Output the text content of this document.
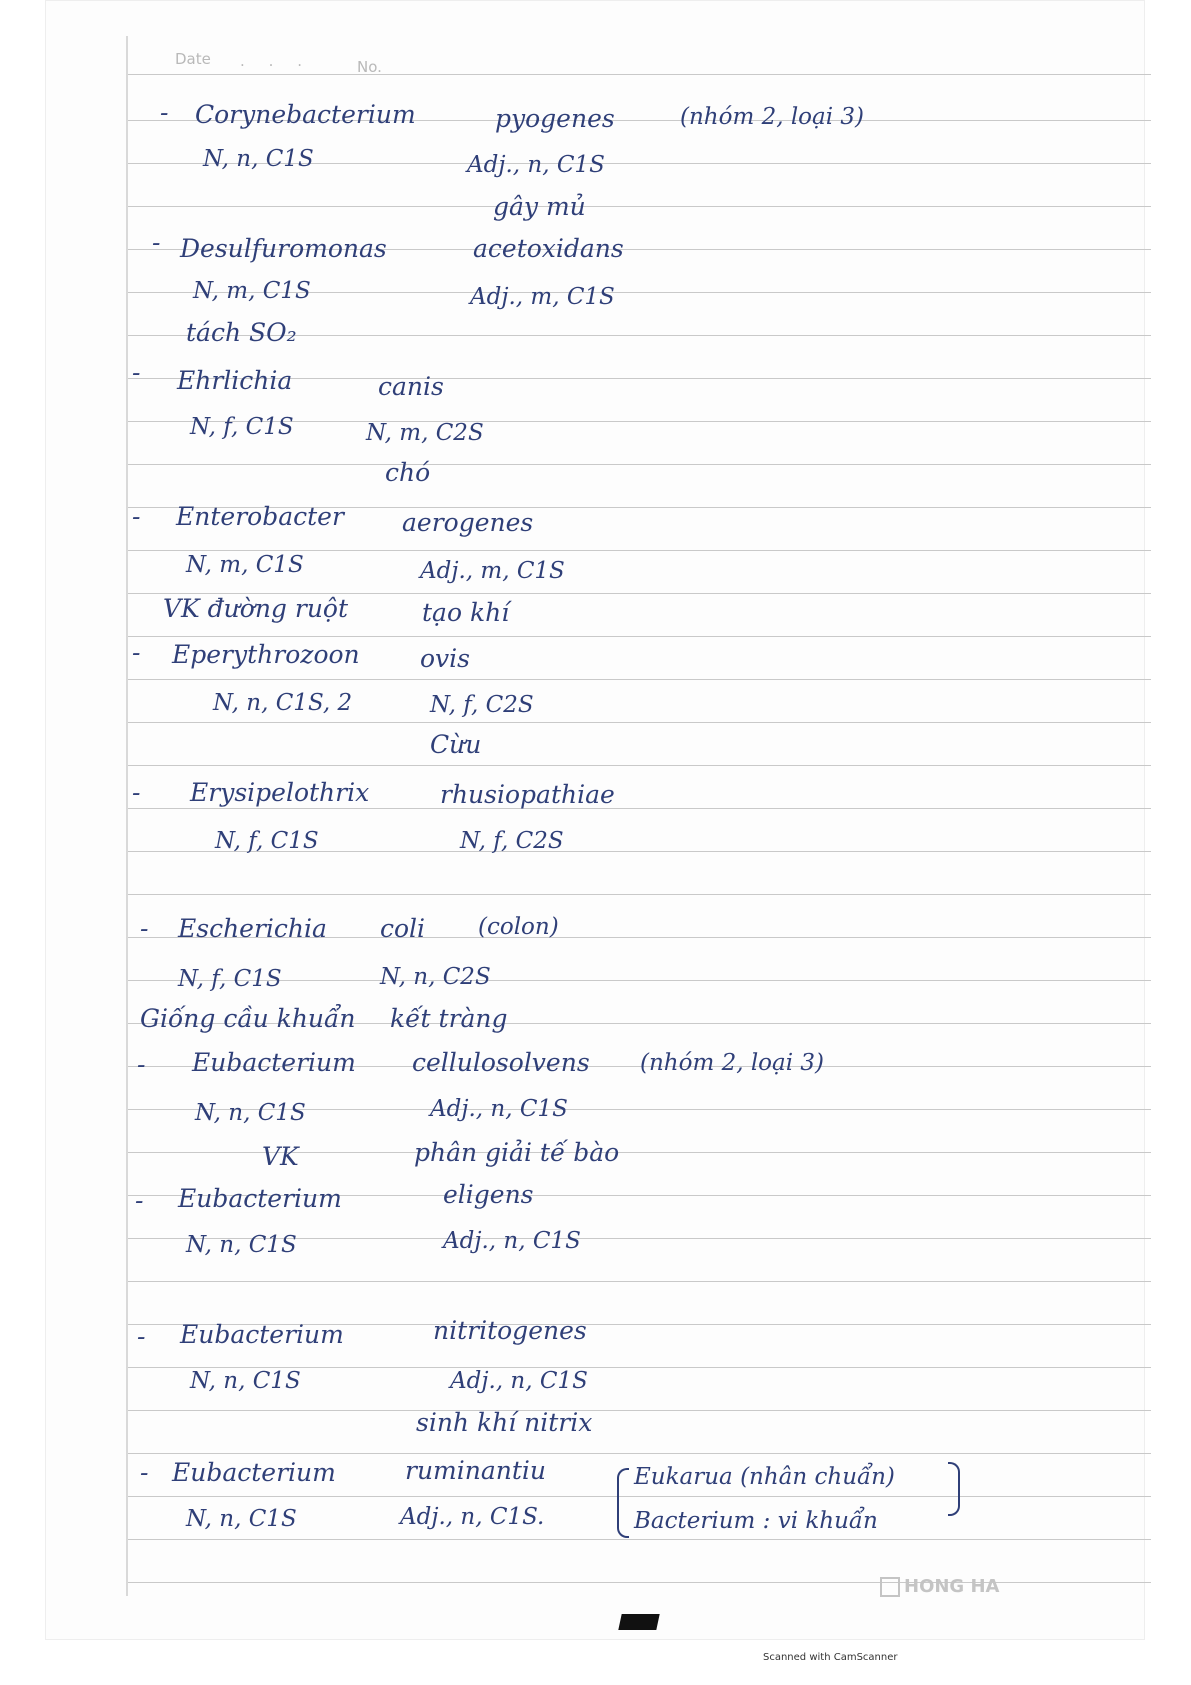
Date .     .     .	No.
- Corynebacterium	pyogenes	(nhóm 2, loại 3)
N, n, C1S	Adj., n, C1S
gây mủ
- Desulfuromonas	acetoxidans
N, m, C1S	Adj., m, C1S
tách SO₂
- Ehrlichia	canis
N, f, C1S	N, m, C2S
chó
- Enterobacter aerogenes
N, m, C1S	Adj., m, C1S
VK đường ruột	tạo khí
- Eperythrozoon ovis
N, n, C1S, 2	N, f, C2S
Cừu
- Erysipelothrix	rhusiopathiae
N, f, C1S	N, f, C2S
- Escherichia coli (colon)
N, f, C1S	N, n, C2S
Giống cầu khuẩn kết tràng
- Eubacterium cellulosolvens (nhóm 2, loại 3)
N, n, C1S	Adj., n, C1S
VK	phân giải tế bào
- Eubacterium	eligens
N, n, C1S	Adj., n, C1S
- Eubacterium	nitritogenes
N, n, C1S	Adj., n, C1S
sinh khí nitrix
- Eubacterium	ruminantiu
N, n, C1S	Adj., n, C1S.
Eukarua (nhân chuẩn)
Bacterium : vi khuẩn
HONG HA
Scanned with CamScanner
